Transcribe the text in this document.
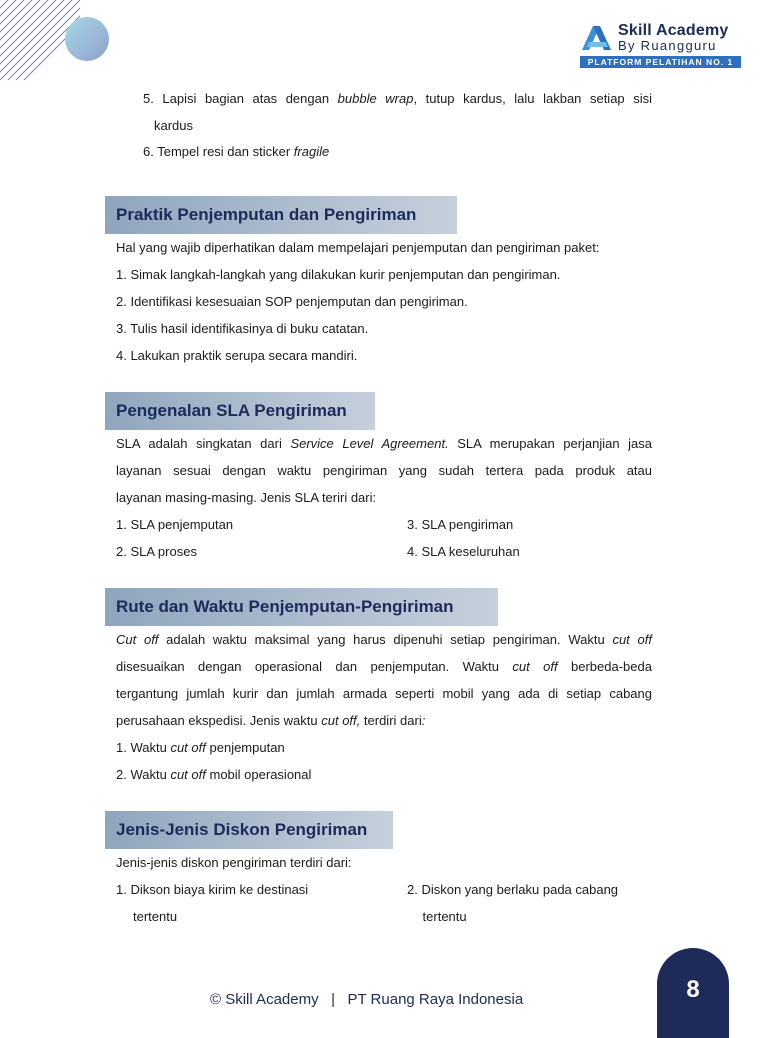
Skill Academy
By Ruangguru
PLATFORM PELATIHAN NO. 1

5. Lapisi bagian atas dengan bubble wrap, tutup kardus, lalu lakban setiap sisi

kardus

6. Tempel resi dan sticker fragile

Praktik Penjemputan dan Pengiriman

Hal yang wajib diperhatikan dalam mempelajari penjemputan dan pengiriman paket:

1. Simak langkah-langkah yang dilakukan kurir penjemputan dan pengiriman.

2. Identifikasi kesesuaian SOP penjemputan dan pengiriman.

3. Tulis hasil identifikasinya di buku catatan.

4. Lakukan praktik serupa secara mandiri.

Pengenalan SLA Pengiriman

SLA adalah singkatan dari Service Level Agreement. SLA merupakan perjanjian jasa

layanan sesuai dengan waktu pengiriman yang sudah tertera pada produk atau

layanan masing-masing. Jenis SLA teriri dari:

1. SLA penjemputan	3. SLA pengiriman

2. SLA proses	4. SLA keseluruhan

Rute dan Waktu Penjemputan-Pengiriman

Cut off adalah waktu maksimal yang harus dipenuhi setiap pengiriman. Waktu cut off

disesuaikan dengan operasional dan penjemputan. Waktu cut off berbeda-beda

tergantung jumlah kurir dan jumlah armada seperti mobil yang ada di setiap cabang

perusahaan ekspedisi. Jenis waktu cut off, terdiri dari:

1. Waktu cut off penjemputan

2. Waktu cut off mobil operasional

Jenis-Jenis Diskon Pengiriman

Jenis-jenis diskon pengiriman terdiri dari:

1. Dikson biaya kirim ke destinasi	2. Diskon yang berlaku pada cabang

tertentu	tertentu

© Skill Academy   |   PT Ruang Raya Indonesia	8
